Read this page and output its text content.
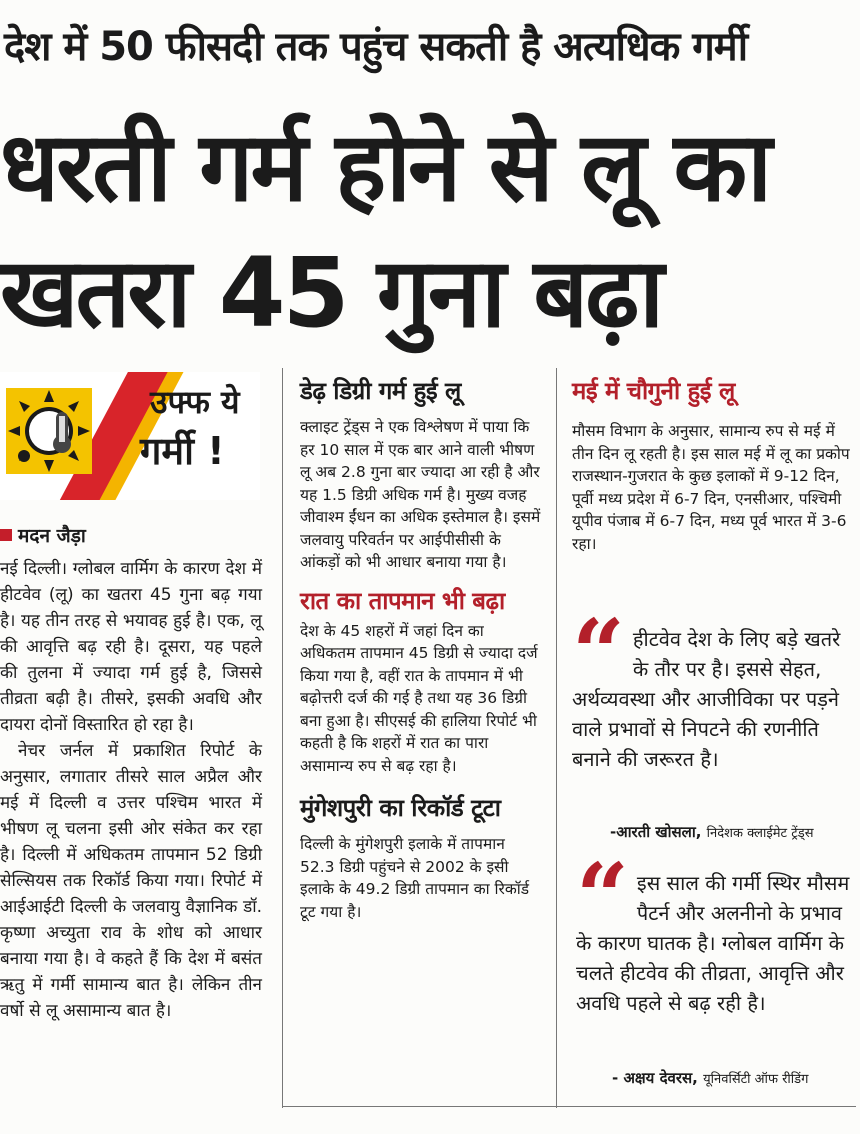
देश में 50 फीसदी तक पहुंच सकती है अत्यधिक गर्मी
धरती गर्म होने से लू का
खतरा 45 गुना बढ़ा
उफ्फ ये
गर्मी !
मदन जैड़ा

नई दिल्ली। ग्लोबल वार्मिग के कारण देश में हीटवेव (लू) का खतरा 45 गुना बढ़ गया है। यह तीन तरह से भयावह हुई है। एक, लू की आवृत्ति बढ़ रही है। दूसरा, यह पहले की तुलना में ज्यादा गर्म हुई है, जिससे तीव्रता बढ़ी है। तीसरे, इसकी अवधि और दायरा दोनों विस्तारित हो रहा है।

नेचर जर्नल में प्रकाशित रिपोर्ट के अनुसार, लगातार तीसरे साल अप्रैल और मई में दिल्ली व उत्तर पश्चिम भारत में भीषण लू चलना इसी ओर संकेत कर रहा है। दिल्ली में अधिकतम तापमान 52 डिग्री सेल्सियस तक रिकॉर्ड किया गया। रिपोर्ट में आईआईटी दिल्ली के जलवायु वैज्ञानिक डॉ. कृष्णा अच्युता राव के शोध को आधार बनाया गया है। वे कहते हैं कि देश में बसंत ऋतु में गर्मी सामान्य बात है। लेकिन तीन वर्षो से लू असामान्य बात है।

डेढ़ डिग्री गर्म हुई लू

क्लाइट ट्रेंड्स ने एक विश्लेषण में पाया कि हर 10 साल में एक बार आने वाली भीषण लू अब 2.8 गुना बार ज्यादा आ रही है और यह 1.5 डिग्री अधिक गर्म है। मुख्य वजह जीवाश्म ईंधन का अधिक इस्तेमाल है। इसमें जलवायु परिवर्तन पर आईपीसीसी के आंकड़ों को भी आधार बनाया गया है।

रात का तापमान भी बढ़ा

देश के 45 शहरों में जहां दिन का अधिकतम तापमान 45 डिग्री से ज्यादा दर्ज किया गया है, वहीं रात के तापमान में भी बढ़ोत्तरी दर्ज की गई है तथा यह 36 डिग्री बना हुआ है। सीएसई की हालिया रिपोर्ट भी कहती है कि शहरों में रात का पारा असामान्य रुप से बढ़ रहा है।

मुंगेशपुरी का रिकॉर्ड टूटा

दिल्ली के मुंगेशपुरी इलाके में तापमान 52.3 डिग्री पहुंचने से 2002 के इसी इलाके के 49.2 डिग्री तापमान का रिकॉर्ड टूट गया है।

मई में चौगुनी हुई लू

मौसम विभाग के अनुसार, सामान्य रुप से मई में तीन दिन लू रहती है। इस साल मई में लू का प्रकोप राजस्थान-गुजरात के कुछ इलाकों में 9-12 दिन, पूर्वी मध्य प्रदेश में 6-7 दिन, एनसीआर, पश्चिमी यूपीव पंजाब में 6-7 दिन, मध्य पूर्व भारत में 3-6 रहा।

“ हीटवेव देश के लिए बड़े खतरे के तौर पर है। इससे सेहत, अर्थव्यवस्था और आजीविका पर पड़ने वाले प्रभावों से निपटने की रणनीति बनाने की जरूरत है।
-आरती खोसला, निदेशक क्लाईमेट ट्रेंड्स
“ इस साल की गर्मी स्थिर मौसम पैटर्न और अलनीनो के प्रभाव के कारण घातक है। ग्लोबल वार्मिग के चलते हीटवेव की तीव्रता, आवृत्ति और अवधि पहले से बढ़ रही है।
- अक्षय देवरस, यूनिवर्सिटी ऑफ रीडिंग
